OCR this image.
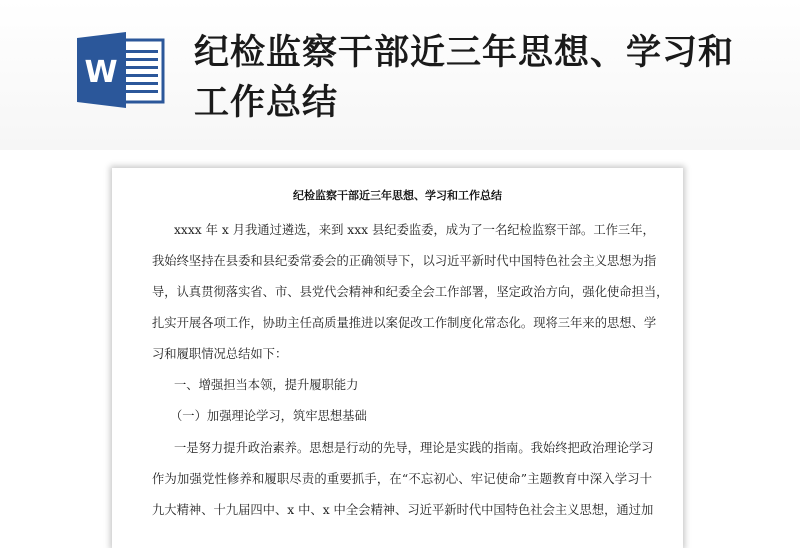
W 纪检监察干部近三年思想、学习和工作总结
纪检监察干部近三年思想、学习和工作总结
xxxx 年 x 月我通过遴选，来到 xxx 县纪委监委，成为了一名纪检监察干部。工作三年，
我始终坚持在县委和县纪委常委会的正确领导下，以习近平新时代中国特色社会主义思想为指
导，认真贯彻落实省、市、县党代会精神和纪委全会工作部署，坚定政治方向，强化使命担当，
扎实开展各项工作，协助主任高质量推进以案促改工作制度化常态化。现将三年来的思想、学
习和履职情况总结如下：
一、增强担当本领，提升履职能力
（一）加强理论学习，筑牢思想基础
一是努力提升政治素养。思想是行动的先导，理论是实践的指南。我始终把政治理论学习
作为加强党性修养和履职尽责的重要抓手，在“不忘初心、牢记使命”主题教育中深入学习十
九大精神、十九届四中、x 中、x 中全会精神、习近平新时代中国特色社会主义思想，通过加
